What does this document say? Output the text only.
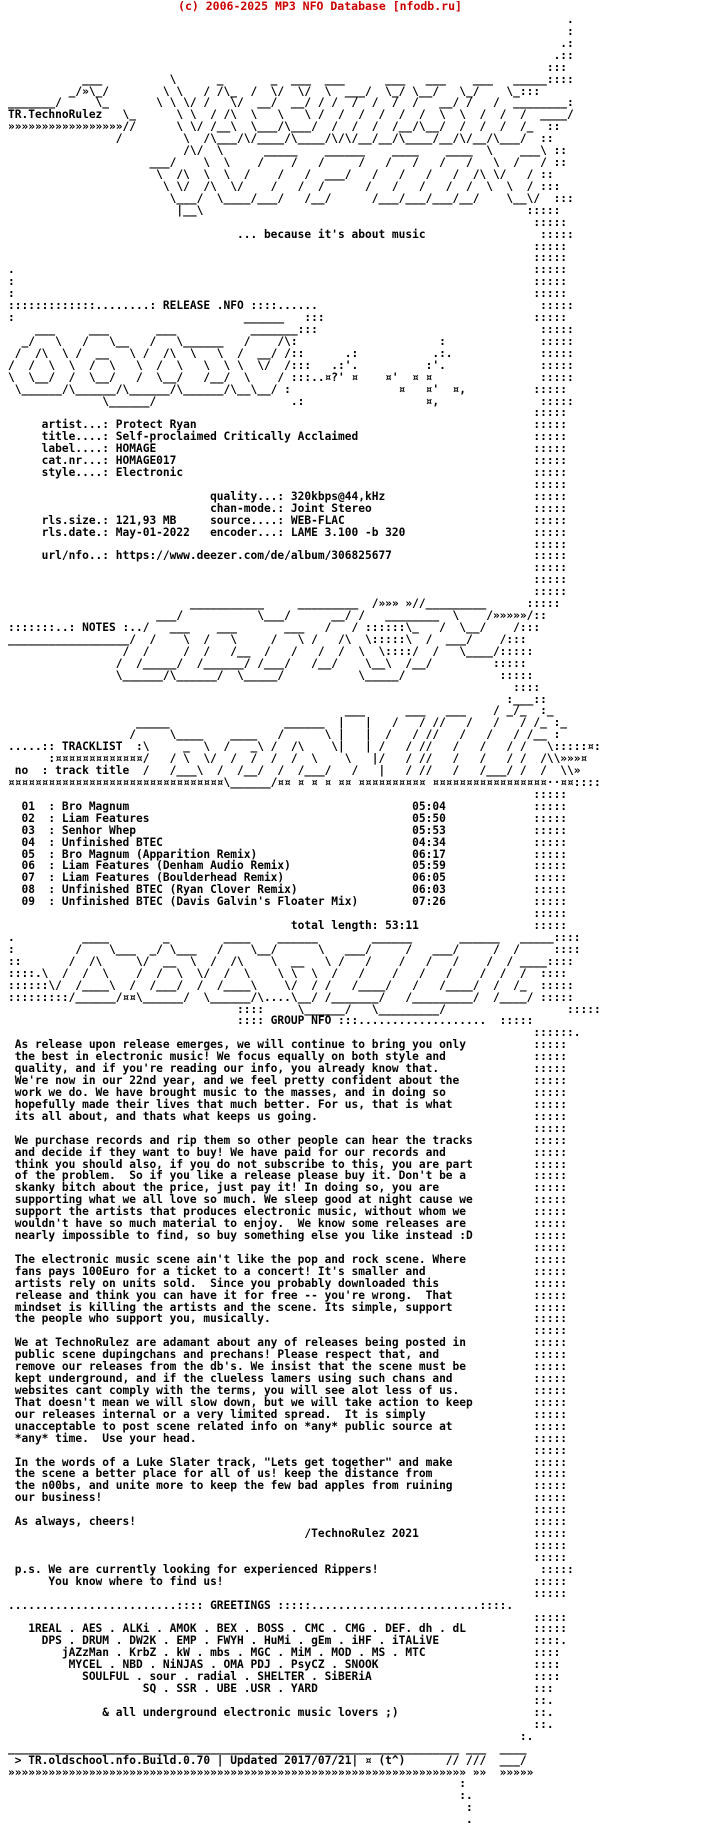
(c) 2006-2025 MP3 NFO Database [nfodb.ru]
.
:
.:
.::
:::
___          \      _       _  ___  ___      ___   ___    ___   _____::::
_/»\_/        \ \   / /\_  /  \/  \/  \  ___/  \_/ \__/   \_/    \_:::
_______/     \_       \ \ \/ /   \/  __/  __/ / /  /  /  /  /   __/ /   /  ________:
TR.TechnoRulez   \_      \ \  / /\  \   \   \ /  /  /  /  /  /  \  \  /  /  /  ____/
»»»»»»»»»»»»»»»»»//      \ \/ /__\  \___/\___/  /  /  /  /__/\__/  /  /  /  /_  ::
/         \  /\___/\/____/\____/\/\/__/__/\____/__/\/__/\___/  ::
/\/  \      _____    ______    ____    ____  \    ___\ ::
___/    \  \    /    /   /     /   /   /   /   /   \  /   / ::
\  /\  \  \  /    /   /  ___/   /   /   /   /  /\ \/   / ::
\ \/  /\  \/    /   /  /      /   /   /   /  /  \  \  / :::
\___/  \____/___/   /__/      /___/___/___/__/    \__\/  :::
|__\                                                :::::
:::::
... because it's about music                 :::::
:::::
:::::
.                                                                             :::::
:                                                                             :::::
:                                                                             :::::
:::::::::::::........: RELEASE .NFO ::::......                                 :::::
:                                  ______   :::                               :::::
___     ___       ___           _______:::                                 :::::
_/   \   /   \__   /   \______   /    /\:                     :              :::::
/  /\  \ /  __   \ /  /\  \   \  /  __/ /::      .:           .:.             :::::
/  /  \  \  /  \   \  /  \   \  \ \  \/  /:::   .:'.          :'.              :::::
\  \__/  /  \__/   /  \__/   /__/  \    / :::..¤?' ¤    ¤'  ¤ ¤                :::::
\______/\______/\______/\______/\__\__/ :                ¤   ¤'  ¤,          :::::
\______/                    .:                  ¤,               :::::
:::::
artist...: Protect Ryan                                                  :::::
title....: Self-proclaimed Critically Acclaimed                          :::::
label....: HOMAGE                                                        :::::
cat.nr...: HOMAGE017                                                     :::::
style....: Electronic                                                    :::::
:::::
quality...: 320kbps@44,kHz                      :::::
chan-mode.: Joint Stereo                        :::::
rls.size.: 121,93 MB     source....: WEB-FLAC                            :::::
rls.date.: May-01-2022   encoder...: LAME 3.100 -b 320                   :::::
:::::
url/nfo..: https://www.deezer.com/de/album/306825677                     :::::
:::::
:::::
:::::
___________     _________  /»»» »//_________      :::::
___/           \___/      __/ /   ________  \    /»»»»»/::
:::::::..: NOTES :../   ___    ___       ___   /   / ::::::\_   /  \__/    /:::
__________________/  /    \  /   \     /   \ /   /\  \:::::\  /  ___/    /:::
/  /     /  /   /__  /   /   /  /  \  \::::/  /   \____/:::::
/  /_____/  /______/ /___/   /__/    \__\  /__/         :::::
\______/\______/  \_____/           \_____/              :::::
::::
:___::
___      ___   ___    / _/_  :_
_____                 ______  |   |   /   / //   /   /   / /_ :_
/     \____    ____   /      \ |   |  /   / //   /   /   / /__ :
.....:: TRACKLIST  :\     _  \  /   _\ /  /\    \|   | /   / //   /   /   / /   \:::::¤:
:¤¤¤¤¤¤¤¤¤¤¤¤¤/   / \  \/  /  /  /  /  \    \   |/   / //   /   /   / /  /\\»»»¤
no  : track title  /   /___\  /  /__/  /  /___/   /   |   / //   /   /___/ /  /  \\»
¤¤¤¤¤¤¤¤¤¤¤¤¤¤¤¤¤¤¤¤¤¤¤¤¤¤¤¤¤¤¤¤\______/¤¤ ¤ ¤ ¤ ¤¤ ¤¤¤¤¤¤¤¤¤¤ ¤¤¤¤¤¤¤¤¤¤¤¤¤¤¤¤¤··¤¤::::
:::::
01  : Bro Magnum                                          05:04             :::::
02  : Liam Features                                       05:50             :::::
03  : Senhor Whep                                         05:53             :::::
04  : Unfinished BTEC                                     04:34             :::::
05  : Bro Magnum (Apparition Remix)                       06:17             :::::
06  : Liam Features (Denham Audio Remix)                  05:59             :::::
07  : Liam Features (Boulderhead Remix)                   06:05             :::::
08  : Unfinished BTEC (Ryan Clover Remix)                 06:03             :::::
09  : Unfinished BTEC (Davis Galvin's Floater Mix)        07:26             :::::
:::::
total length: 53:11                 :::::
.          ____        _        ____    ______        ______       ______   _____::::
:         /    \___  _/ \___   /    \__/      \   ___/     /   ___/     /  /     ::::
::       /  /\     \/  __  \  /  /\    \  __   \ /   /    /   /   /    /  / ____::::
::::.\  /  /  \    /  /  \  \/  /  \    \ \  \  /   /    /   /   /    /  /  /  ::::
::::::\/  /____\  /  /___/  /  /____\    \/  / /   /____/   /   /____/  /  /_  :::::
:::::::::/______/¤¤\______/  \______/\....\__/ /_______/   /_________/  /____/ :::::
::::     \______/   \_________/                  :::::
:::: GROUP NFO :::...................  :::::
::::::.
As release upon release emerges, we will continue to bring you only          :::::
the best in electronic music! We focus equally on both style and             :::::
quality, and if you're reading our info, you already know that.              :::::
We're now in our 22nd year, and we feel pretty confident about the           :::::
work we do. We have brought music to the masses, and in doing so             :::::
hopefully made their lives that much better. For us, that is what            :::::
its all about, and thats what keeps us going.                                :::::
:::::
We purchase records and rip them so other people can hear the tracks         :::::
and decide if they want to buy! We have paid for our records and             :::::
think you should also, if you do not subscribe to this, you are part         :::::
of the problem.  So if you like a release please buy it. Don't be a          :::::
skanky bitch about the price, just pay it! In doing so, you are              :::::
supporting what we all love so much. We sleep good at night cause we         :::::
support the artists that produces electronic music, without whom we          :::::
wouldn't have so much material to enjoy.  We know some releases are          :::::
nearly impossible to find, so buy something else you like instead :D         :::::
:::::
The electronic music scene ain't like the pop and rock scene. Where          :::::
fans pays 100Euro for a ticket to a concert! It's smaller and                :::::
artists rely on units sold.  Since you probably downloaded this              :::::
release and think you can have it for free -- you're wrong.  That            :::::
mindset is killing the artists and the scene. Its simple, support            :::::
the people who support you, musically.                                       :::::
:::::
We at TechnoRulez are adamant about any of releases being posted in          :::::
public scene dupingchans and prechans! Please respect that, and              :::::
remove our releases from the db's. We insist that the scene must be          :::::
kept underground, and if the clueless lamers using such chans and            :::::
websites cant comply with the terms, you will see alot less of us.           :::::
That doesn't mean we will slow down, but we will take action to keep         :::::
our releases internal or a very limited spread.  It is simply                :::::
unacceptable to post scene related info on *any* public source at            :::::
*any* time.  Use your head.                                                  :::::
:::::
In the words of a Luke Slater track, "Lets get together" and make            :::::
the scene a better place for all of us! keep the distance from               :::::
the n00bs, and unite more to keep the few bad apples from ruining            :::::
our business!                                                                :::::
:::::
As always, cheers!                                                           :::::
/TechnoRulez 2021                 :::::
:::::
:::::
p.s. We are currently looking for experienced Rippers!                        :::::
You know where to find us!                                              :::::
:::::
.........................:::: GREETINGS :::::.........................::::.
:::::
1REAL . AES . ALKi . AMOK . BEX . BOSS . CMC . CMG . DEF. dh . dL          :::::
DPS . DRUM . DW2K . EMP . FWYH . HuMi . gEm . iHF . iTALiVE              ::::.
jAZzMan . KrbZ . kW . mbs . MGC . MiM . MOD . MS . MTC                ::::
MYCEL . NBD . NiNJAS . OMA PDJ . PsyCZ . SNOOK                       ::::
SOULFUL . sour . radial . SHELTER . SiBERiA                        ::::
SQ . SSR . UBE .USR . YARD                                :::
::.
& all underground electronic music lovers ;)                    ::.
::.
:.
___________________________________________________________________ ___  ____
> TR.oldschool.nfo.Build.0.70 | Updated 2017/07/21| ¤ (t^)      // ///  ___/
»»»»»»»»»»»»»»»»»»»»»»»»»»»»»»»»»»»»»»»»»»»»»»»»»»»»»»»»»»»»»»»»»»»» »»  »»»»»
:
:.
:
.
